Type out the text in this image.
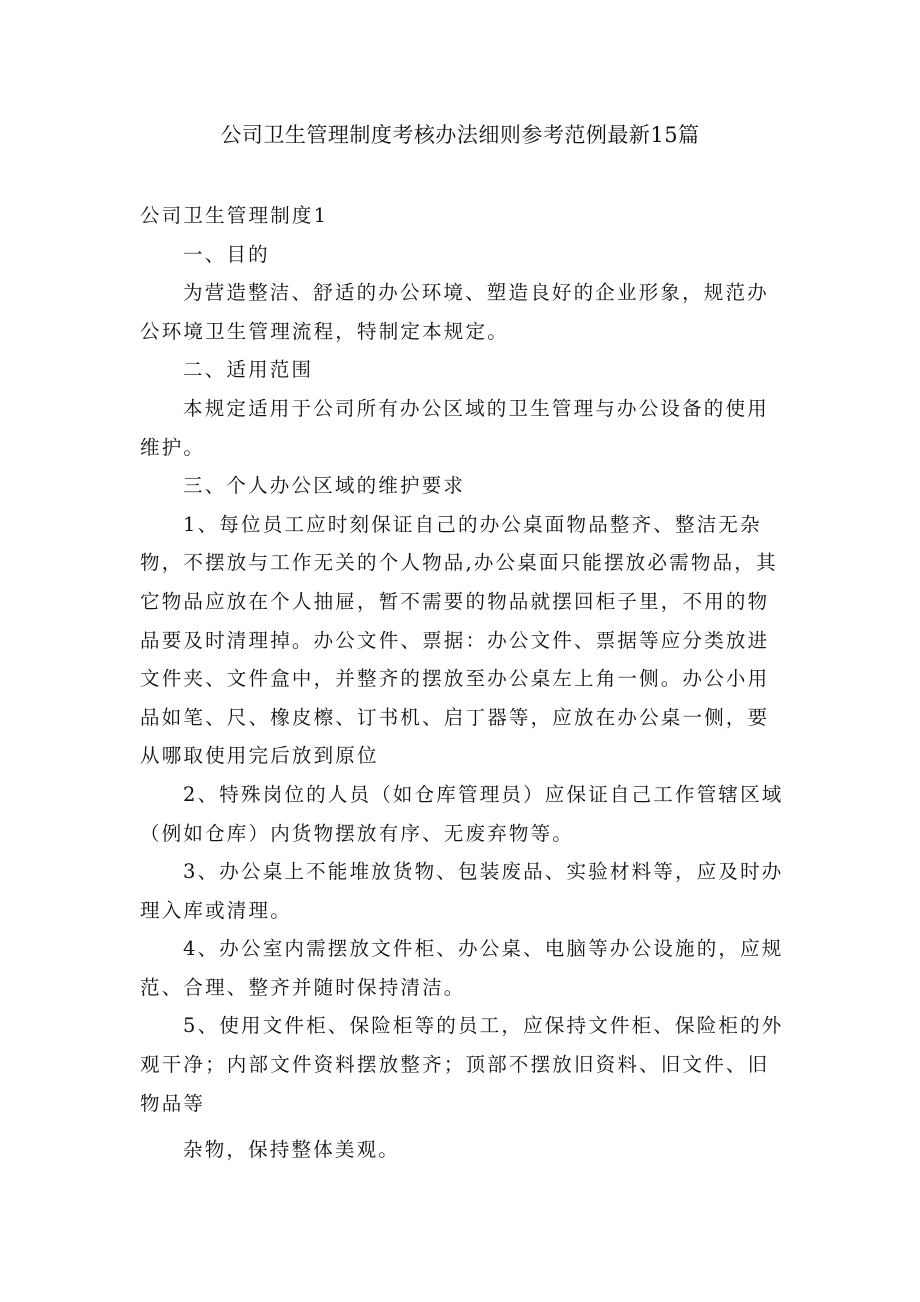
公司卫生管理制度考核办法细则参考范例最新15篇

公司卫生管理制度1

一、目的

为营造整洁、舒适的办公环境、塑造良好的企业形象，规范办公环境卫生管理流程，特制定本规定。

二、适用范围

本规定适用于公司所有办公区域的卫生管理与办公设备的使用维护。

三、个人办公区域的维护要求

1、每位员工应时刻保证自己的办公桌面物品整齐、整洁无杂物，不摆放与工作无关的个人物品,办公桌面只能摆放必需物品，其它物品应放在个人抽屉，暂不需要的物品就摆回柜子里，不用的物品要及时清理掉。办公文件、票据：办公文件、票据等应分类放进文件夹、文件盒中，并整齐的摆放至办公桌左上角一侧。办公小用品如笔、尺、橡皮檫、订书机、启丁器等，应放在办公桌一侧，要从哪取使用完后放到原位

2、特殊岗位的人员（如仓库管理员）应保证自己工作管辖区域（例如仓库）内货物摆放有序、无废弃物等。

3、办公桌上不能堆放货物、包装废品、实验材料等，应及时办理入库或清理。

4、办公室内需摆放文件柜、办公桌、电脑等办公设施的，应规范、合理、整齐并随时保持清洁。

5、使用文件柜、保险柜等的员工，应保持文件柜、保险柜的外观干净；内部文件资料摆放整齐；顶部不摆放旧资料、旧文件、旧物品等

杂物，保持整体美观。
